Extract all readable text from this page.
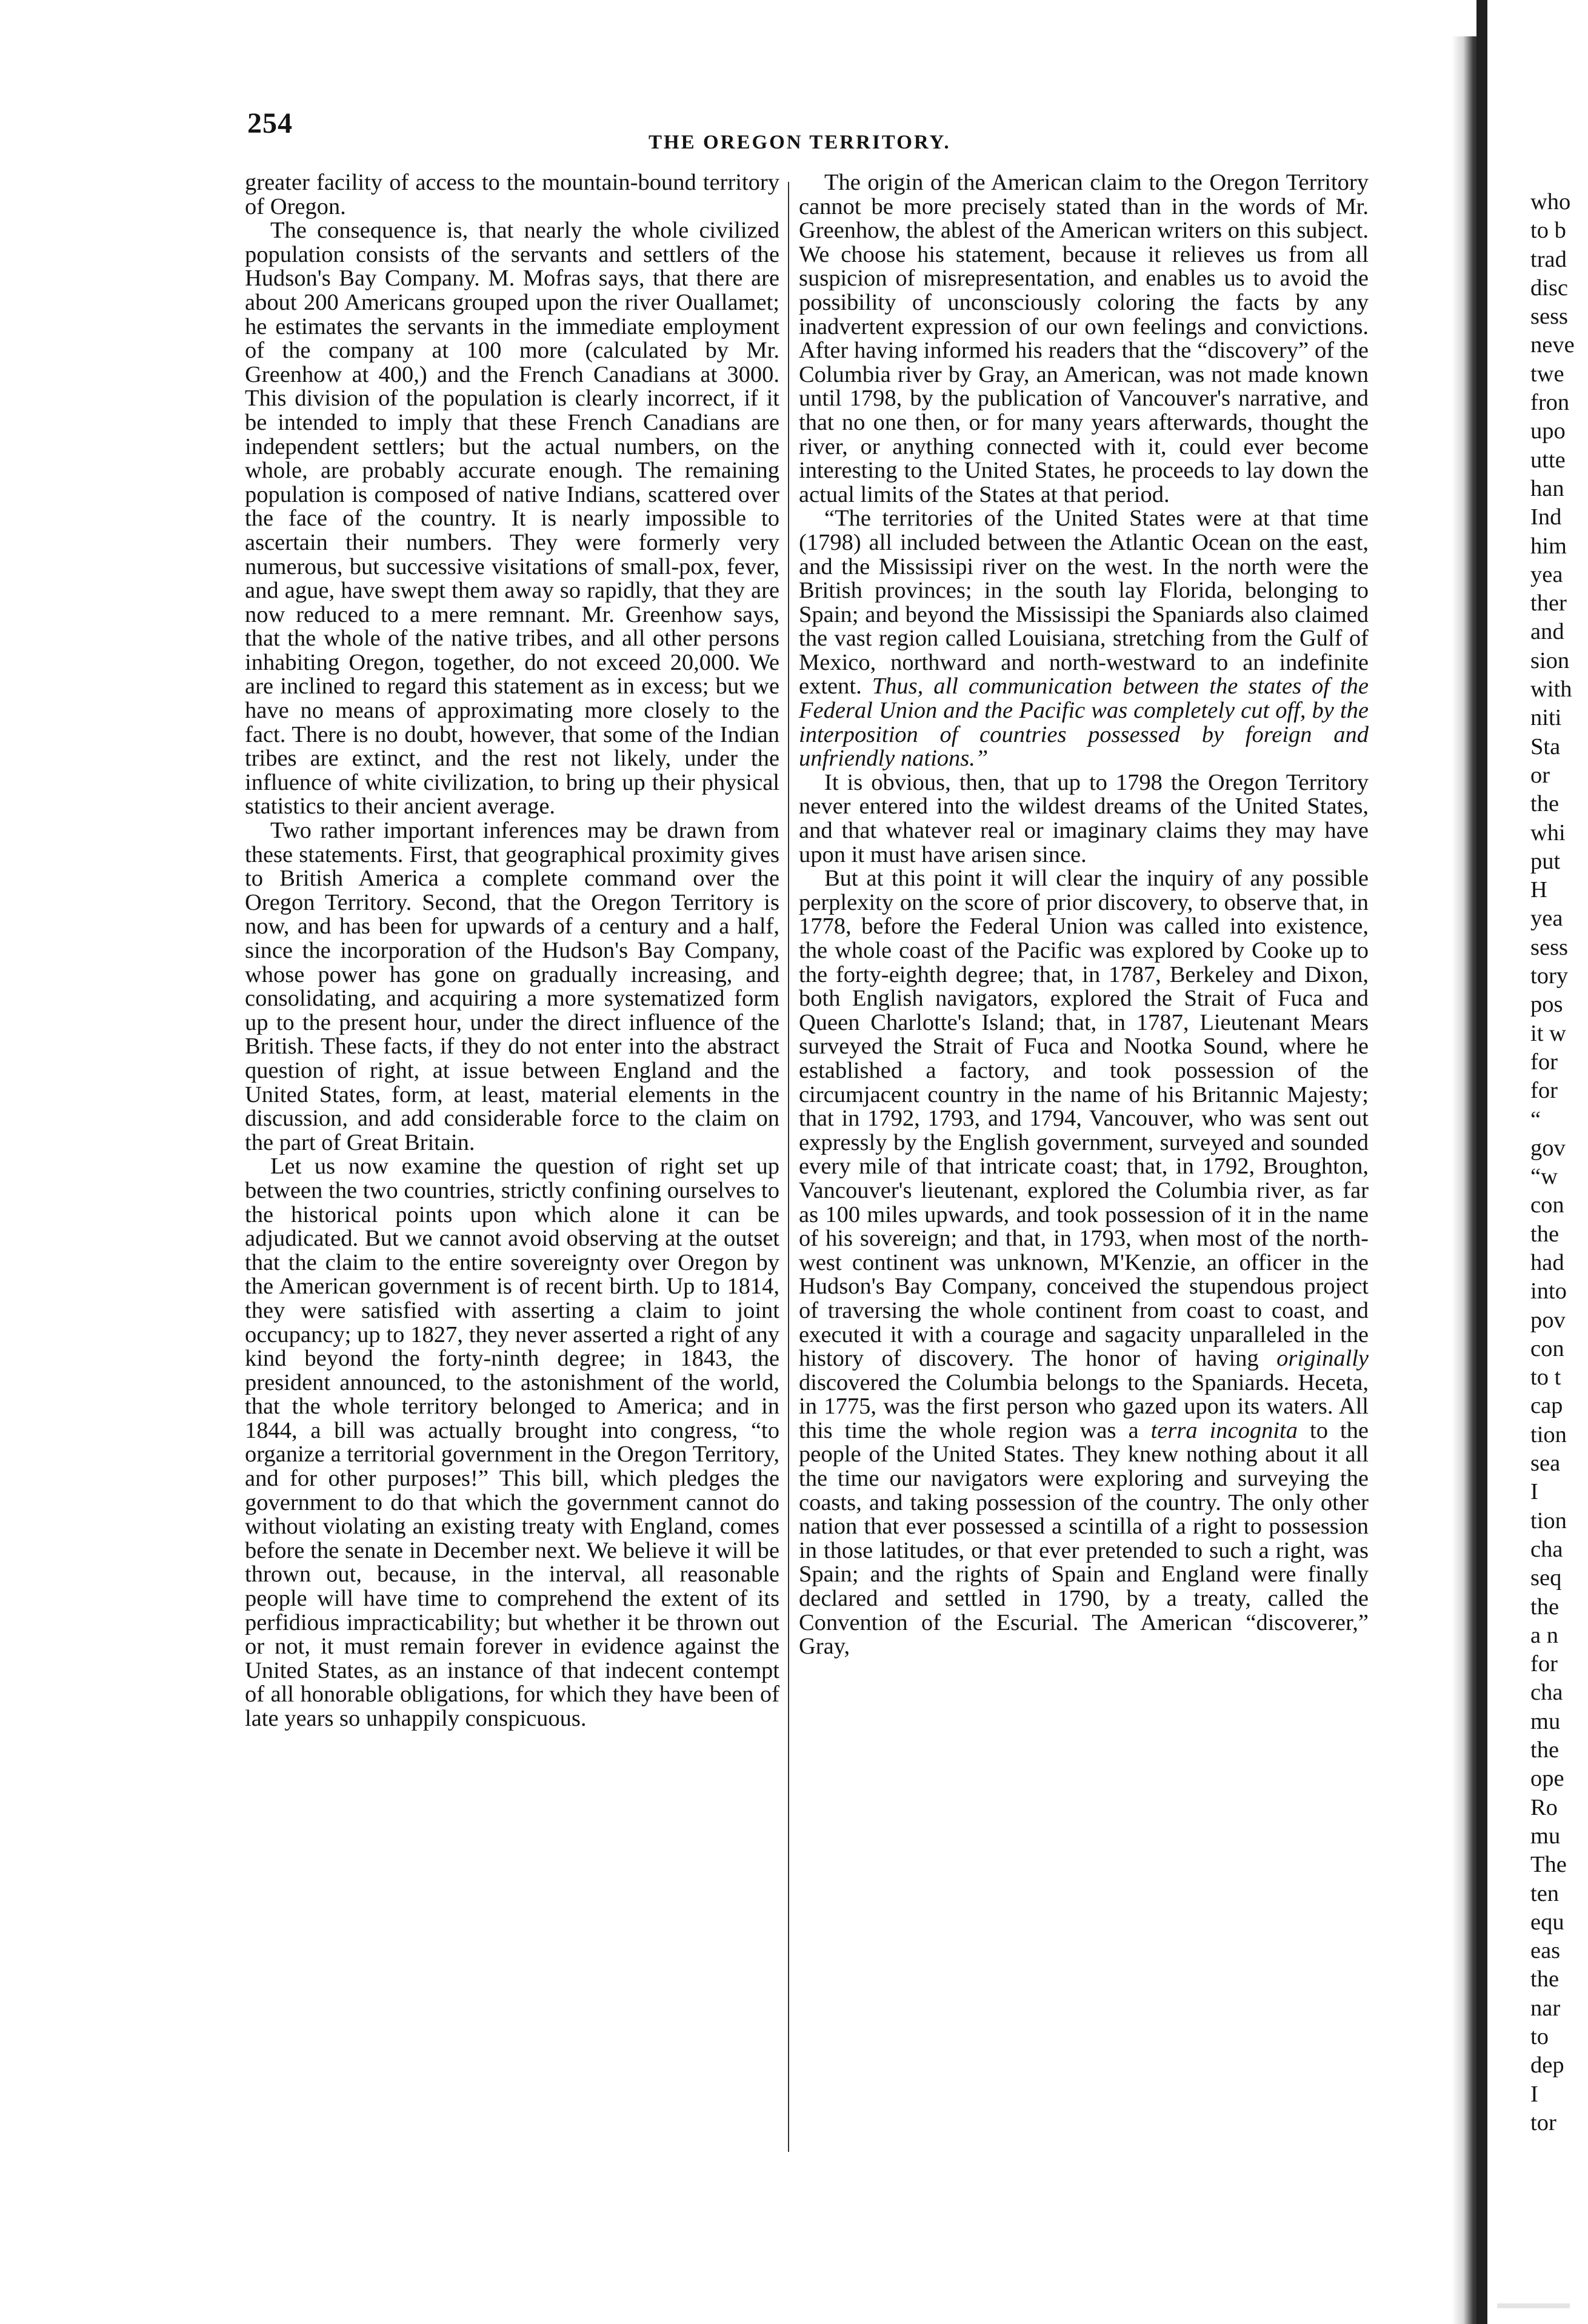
254
THE OREGON TERRITORY.

greater facility of access to the mountain-bound territory of Oregon.

The consequence is, that nearly the whole civilized population consists of the servants and settlers of the Hudson's Bay Company. M. Mofras says, that there are about 200 Americans grouped upon the river Ouallamet; he estimates the servants in the immediate employment of the company at 100 more (calculated by Mr. Greenhow at 400,) and the French Canadians at 3000. This division of the population is clearly incorrect, if it be intended to imply that these French Canadians are independent settlers; but the actual numbers, on the whole, are probably accurate enough. The remaining population is composed of native Indians, scattered over the face of the country. It is nearly impossible to ascertain their numbers. They were formerly very numerous, but successive visitations of small-pox, fever, and ague, have swept them away so rapidly, that they are now reduced to a mere remnant. Mr. Greenhow says, that the whole of the native tribes, and all other persons inhabiting Oregon, together, do not exceed 20,000. We are inclined to regard this statement as in excess; but we have no means of approximating more closely to the fact. There is no doubt, however, that some of the Indian tribes are extinct, and the rest not likely, under the influence of white civilization, to bring up their physical statistics to their ancient average.

Two rather important inferences may be drawn from these statements. First, that geographical proximity gives to British America a complete command over the Oregon Territory. Second, that the Oregon Territory is now, and has been for upwards of a century and a half, since the incorporation of the Hudson's Bay Company, whose power has gone on gradually increasing, and consolidating, and acquiring a more systematized form up to the present hour, under the direct influence of the British. These facts, if they do not enter into the abstract question of right, at issue between England and the United States, form, at least, material elements in the discussion, and add considerable force to the claim on the part of Great Britain.

Let us now examine the question of right set up between the two countries, strictly confining ourselves to the historical points upon which alone it can be adjudicated. But we cannot avoid observing at the outset that the claim to the entire sovereignty over Oregon by the American government is of recent birth. Up to 1814, they were satisfied with asserting a claim to joint occupancy; up to 1827, they never asserted a right of any kind beyond the forty-ninth degree; in 1843, the president announced, to the astonishment of the world, that the whole territory belonged to America; and in 1844, a bill was actually brought into congress, “to organize a territorial government in the Oregon Territory, and for other purposes!” This bill, which pledges the government to do that which the government cannot do without violating an existing treaty with England, comes before the senate in December next. We believe it will be thrown out, because, in the interval, all reasonable people will have time to comprehend the extent of its perfidious impracticability; but whether it be thrown out or not, it must remain forever in evidence against the United States, as an instance of that indecent contempt of all honorable obligations, for which they have been of late years so unhappily conspicuous.

The origin of the American claim to the Oregon Territory cannot be more precisely stated than in the words of Mr. Greenhow, the ablest of the American writers on this subject. We choose his statement, because it relieves us from all suspicion of misrepresentation, and enables us to avoid the possibility of unconsciously coloring the facts by any inadvertent expression of our own feelings and convictions. After having informed his readers that the “discovery” of the Columbia river by Gray, an American, was not made known until 1798, by the publication of Vancouver's narrative, and that no one then, or for many years afterwards, thought the river, or anything connected with it, could ever become interesting to the United States, he proceeds to lay down the actual limits of the States at that period.

“The territories of the United States were at that time (1798) all included between the Atlantic Ocean on the east, and the Mississipi river on the west. In the north were the British provinces; in the south lay Florida, belonging to Spain; and beyond the Mississipi the Spaniards also claimed the vast region called Louisiana, stretching from the Gulf of Mexico, northward and north-westward to an indefinite extent. Thus, all communication between the states of the Federal Union and the Pacific was completely cut off, by the interposition of countries possessed by foreign and unfriendly nations.”

It is obvious, then, that up to 1798 the Oregon Territory never entered into the wildest dreams of the United States, and that whatever real or imaginary claims they may have upon it must have arisen since.

But at this point it will clear the inquiry of any possible perplexity on the score of prior discovery, to observe that, in 1778, before the Federal Union was called into existence, the whole coast of the Pacific was explored by Cooke up to the forty-eighth degree; that, in 1787, Berkeley and Dixon, both English navigators, explored the Strait of Fuca and Queen Charlotte's Island; that, in 1787, Lieutenant Mears surveyed the Strait of Fuca and Nootka Sound, where he established a factory, and took possession of the circumjacent country in the name of his Britannic Majesty; that in 1792, 1793, and 1794, Vancouver, who was sent out expressly by the English government, surveyed and sounded every mile of that intricate coast; that, in 1792, Broughton, Vancouver's lieutenant, explored the Columbia river, as far as 100 miles upwards, and took possession of it in the name of his sovereign; and that, in 1793, when most of the north-west continent was unknown, M'Kenzie, an officer in the Hudson's Bay Company, conceived the stupendous project of traversing the whole continent from coast to coast, and executed it with a courage and sagacity unparalleled in the history of discovery. The honor of having originally discovered the Columbia belongs to the Spaniards. Heceta, in 1775, was the first person who gazed upon its waters. All this time the whole region was a terra incognita to the people of the United States. They knew nothing about it all the time our navigators were exploring and surveying the coasts, and taking possession of the country. The only other nation that ever possessed a scintilla of a right to possession in those latitudes, or that ever pretended to such a right, was Spain; and the rights of Spain and England were finally declared and settled in 1790, by a treaty, called the Convention of the Escurial. The American “discoverer,” Gray,

who
to b
trad
disc
sess
neve
twe
fron
upo
utte
han
Ind
him
yea
ther
and
sion
with
niti
Sta
or
the
whi
put
H
yea
sess
tory
pos
it w
for
for
“
gov
“w
con
the
had
into
pov
con
to t
cap
tion
sea
I
tion
cha
seq
the
a n
for
cha
mu
the
ope
Ro
mu
The
ten
equ
eas
the
nar
to
dep
I
tor
